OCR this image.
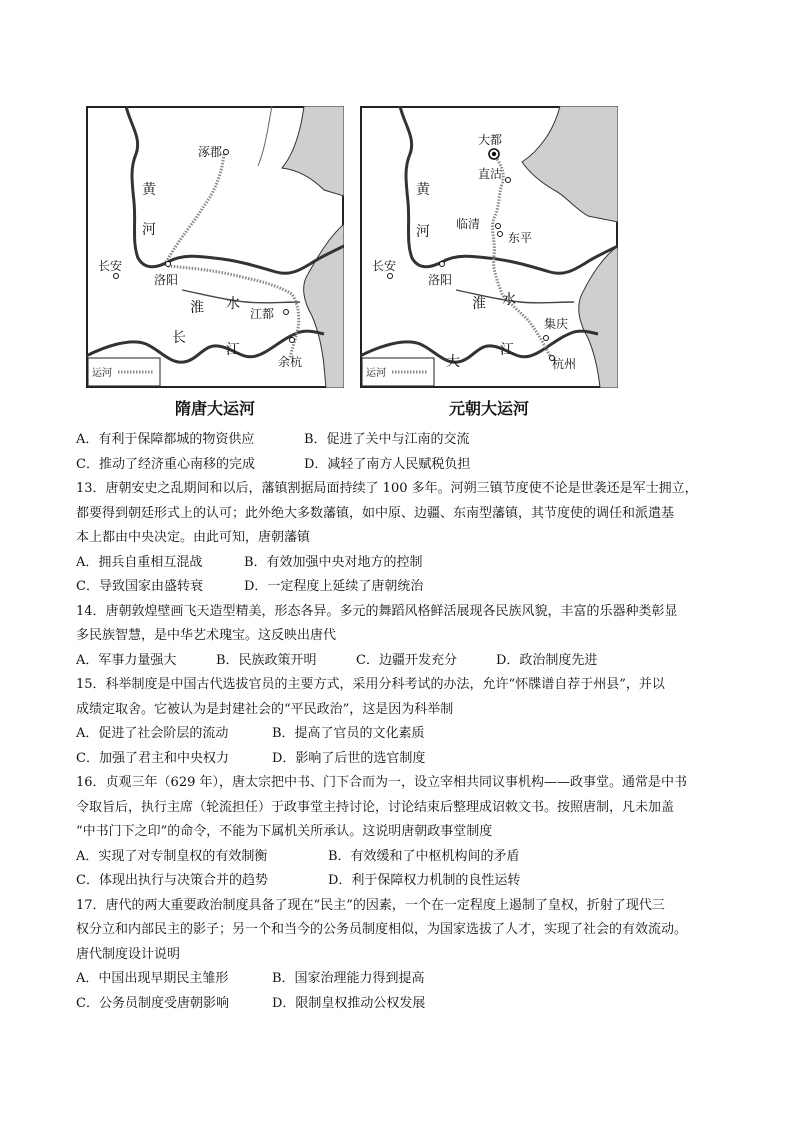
涿郡
黄
河
长安
洛阳
淮 水
江都
长
江
余杭
运河
大都
直沽
黄
临清
东平
河
长安
洛阳
淮 水
集庆
大
江
杭州
运河
隋唐大运河	元朝大运河
A．有利于保障都城的物资供应	B．促进了关中与江南的交流
C．推动了经济重心南移的完成	D．减轻了南方人民赋税负担
13．唐朝安史之乱期间和以后，藩镇割据局面持续了 100 多年。河朔三镇节度使不论是世袭还是军士拥立，
都要得到朝廷形式上的认可；此外绝大多数藩镇，如中原、边疆、东南型藩镇，其节度使的调任和派遣基
本上都由中央决定。由此可知，唐朝藩镇
A．拥兵自重相互混战	B．有效加强中央对地方的控制
C．导致国家由盛转衰	D．一定程度上延续了唐朝统治
14．唐朝敦煌壁画飞天造型精美，形态各异。多元的舞蹈风格鲜活展现各民族风貌，丰富的乐器种类彰显
多民族智慧，是中华艺术瑰宝。这反映出唐代
A．军事力量强大	B．民族政策开明	C．边疆开发充分	D．政治制度先进
15．科举制度是中国古代选拔官员的主要方式，采用分科考试的办法，允许“怀牒谱自荐于州县”，并以
成绩定取舍。它被认为是封建社会的“平民政治”，这是因为科举制
A．促进了社会阶层的流动	B．提高了官员的文化素质
C．加强了君主和中央权力	D．影响了后世的选官制度
16．贞观三年（629 年），唐太宗把中书、门下合而为一，设立宰相共同议事机构——政事堂。通常是中书
令取旨后，执行主席（轮流担任）于政事堂主持讨论，讨论结束后整理成诏敕文书。按照唐制，凡未加盖
“中书门下之印”的命令，不能为下属机关所承认。这说明唐朝政事堂制度
A．实现了对专制皇权的有效制衡	B．有效缓和了中枢机构间的矛盾
C．体现出执行与决策合并的趋势	D．利于保障权力机制的良性运转
17．唐代的两大重要政治制度具备了现在“民主”的因素，一个在一定程度上遏制了皇权，折射了现代三
权分立和内部民主的影子；另一个和当今的公务员制度相似，为国家选拔了人才，实现了社会的有效流动。
唐代制度设计说明
A．中国出现早期民主雏形	B．国家治理能力得到提高
C．公务员制度受唐朝影响	D．限制皇权推动公权发展
